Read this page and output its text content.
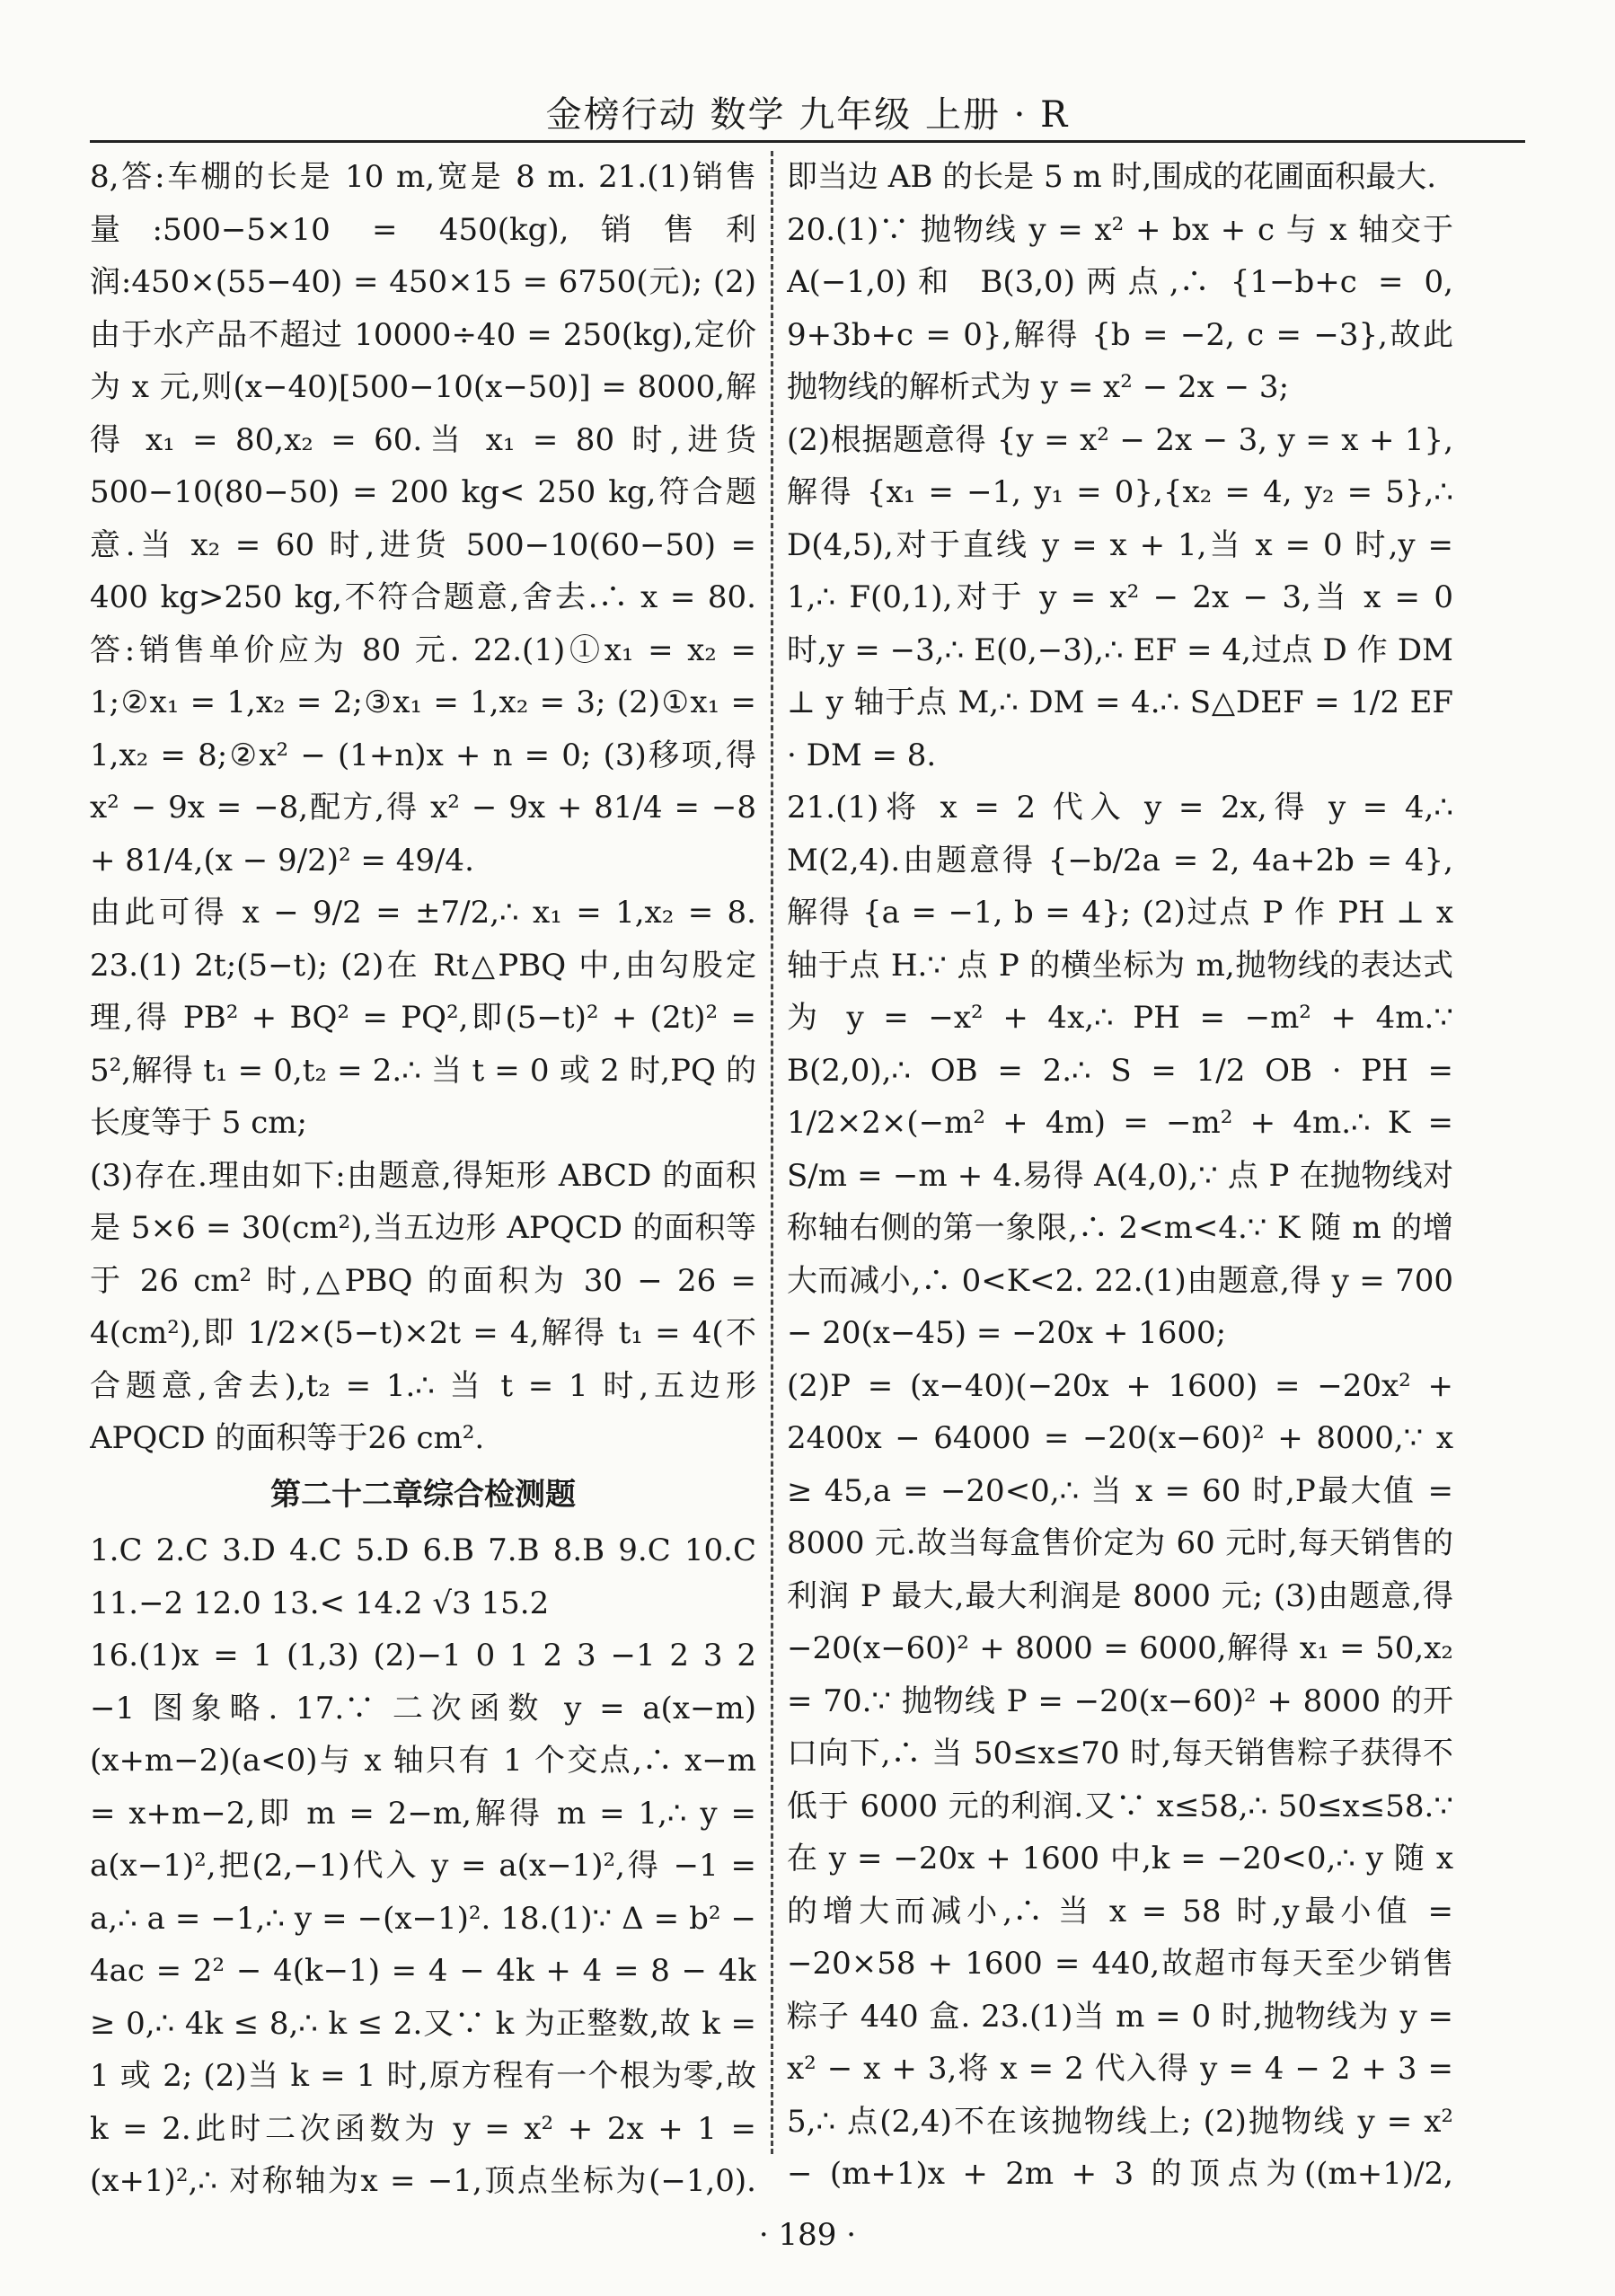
金榜行动 数学 九年级 上册 · R

8,答:车棚的长是 10 m,宽是 8 m. 21.(1)销售量:500−5×10 = 450(kg),销售利润:450×(55−40) = 450×15 = 6750(元); (2)由于水产品不超过 10000÷40 = 250(kg),定价为 x 元,则(x−40)[500−10(x−50)] = 8000,解得 x₁ = 80,x₂ = 60.当 x₁ = 80 时,进货 500−10(80−50) = 200 kg< 250 kg,符合题意.当 x₂ = 60 时,进货 500−10(60−50) = 400 kg>250 kg,不符合题意,舍去.∴ x = 80.答:销售单价应为 80 元. 22.(1)①x₁ = x₂ = 1;②x₁ = 1,x₂ = 2;③x₁ = 1,x₂ = 3; (2)①x₁ = 1,x₂ = 8;②x² − (1+n)x + n = 0; (3)移项,得 x² − 9x = −8,配方,得 x² − 9x + 81/4 = −8 + 81/4,(x − 9/2)² = 49/4.

由此可得 x − 9/2 = ±7/2,∴ x₁ = 1,x₂ = 8. 23.(1) 2t;(5−t); (2)在 Rt△PBQ 中,由勾股定理,得 PB² + BQ² = PQ²,即(5−t)² + (2t)² = 5²,解得 t₁ = 0,t₂ = 2.∴ 当 t = 0 或 2 时,PQ 的长度等于 5 cm;

(3)存在.理由如下:由题意,得矩形 ABCD 的面积是 5×6 = 30(cm²),当五边形 APQCD 的面积等于 26 cm² 时,△PBQ 的面积为 30 − 26 = 4(cm²),即 1/2×(5−t)×2t = 4,解得 t₁ = 4(不合题意,舍去),t₂ = 1.∴ 当 t = 1 时,五边形 APQCD 的面积等于26 cm².

第二十二章综合检测题

1.C 2.C 3.D 4.C 5.D 6.B 7.B 8.B 9.C 10.C 11.−2 12.0 13.< 14.2 √3 15.2

16.(1)x = 1 (1,3) (2)−1 0 1 2 3 −1 2 3 2 −1 图象略. 17.∵ 二次函数 y = a(x−m)(x+m−2)(a<0)与 x 轴只有 1 个交点,∴ x−m = x+m−2,即 m = 2−m,解得 m = 1,∴ y = a(x−1)²,把(2,−1)代入 y = a(x−1)²,得 −1 = a,∴ a = −1,∴ y = −(x−1)². 18.(1)∵ Δ = b² − 4ac = 2² − 4(k−1) = 4 − 4k + 4 = 8 − 4k ≥ 0,∴ 4k ≤ 8,∴ k ≤ 2.又∵ k 为正整数,故 k = 1 或 2; (2)当 k = 1 时,原方程有一个根为零,故 k = 2.此时二次函数为 y = x² + 2x + 1 = (x+1)²,∴ 对称轴为x = −1,顶点坐标为(−1,0).

即当边 AB 的长是 5 m 时,围成的花圃面积最大.

20.(1)∵ 抛物线 y = x² + bx + c 与 x 轴交于 A(−1,0)和 B(3,0)两点,∴ {1−b+c = 0, 9+3b+c = 0},解得 {b = −2, c = −3},故此抛物线的解析式为 y = x² − 2x − 3;

(2)根据题意得 {y = x² − 2x − 3, y = x + 1},解得 {x₁ = −1, y₁ = 0},{x₂ = 4, y₂ = 5},∴ D(4,5),对于直线 y = x + 1,当 x = 0 时,y = 1,∴ F(0,1),对于 y = x² − 2x − 3,当 x = 0 时,y = −3,∴ E(0,−3),∴ EF = 4,过点 D 作 DM ⊥ y 轴于点 M,∴ DM = 4.∴ S△DEF = 1/2 EF · DM = 8.

21.(1)将 x = 2 代入 y = 2x,得 y = 4,∴ M(2,4).由题意得 {−b/2a = 2, 4a+2b = 4},解得 {a = −1, b = 4}; (2)过点 P 作 PH ⊥ x 轴于点 H.∵ 点 P 的横坐标为 m,抛物线的表达式为 y = −x² + 4x,∴ PH = −m² + 4m.∵ B(2,0),∴ OB = 2.∴ S = 1/2 OB · PH = 1/2×2×(−m² + 4m) = −m² + 4m.∴ K = S/m = −m + 4.易得 A(4,0),∵ 点 P 在抛物线对称轴右侧的第一象限,∴ 2<m<4.∵ K 随 m 的增大而减小,∴ 0<K<2. 22.(1)由题意,得 y = 700 − 20(x−45) = −20x + 1600;

(2)P = (x−40)(−20x + 1600) = −20x² + 2400x − 64000 = −20(x−60)² + 8000,∵ x ≥ 45,a = −20<0,∴ 当 x = 60 时,P最大值 = 8000 元.故当每盒售价定为 60 元时,每天销售的利润 P 最大,最大利润是 8000 元; (3)由题意,得 −20(x−60)² + 8000 = 6000,解得 x₁ = 50,x₂ = 70.∵ 抛物线 P = −20(x−60)² + 8000 的开口向下,∴ 当 50≤x≤70 时,每天销售粽子获得不低于 6000 元的利润.又∵ x≤58,∴ 50≤x≤58.∵ 在 y = −20x + 1600 中,k = −20<0,∴ y 随 x 的增大而减小,∴ 当 x = 58 时,y最小值 = −20×58 + 1600 = 440,故超市每天至少销售粽子 440 盒. 23.(1)当 m = 0 时,抛物线为 y = x² − x + 3,将 x = 2 代入得 y = 4 − 2 + 3 = 5,∴ 点(2,4)不在该抛物线上; (2)抛物线 y = x² − (m+1)x + 2m + 3 的顶点为((m+1)/2,

· 189 ·
